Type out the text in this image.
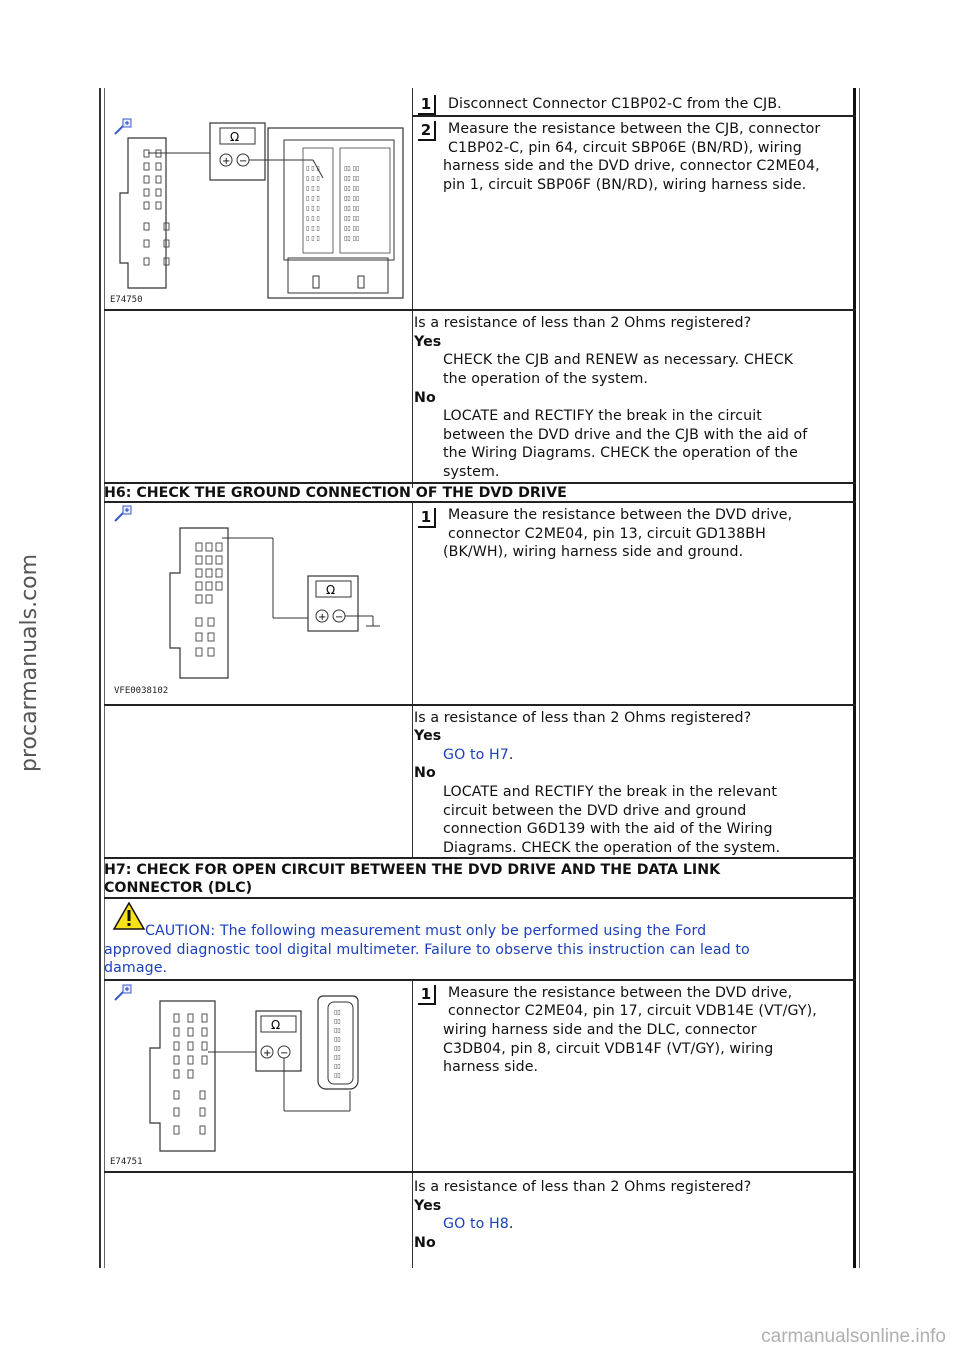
procarmanuals.com
1	Disconnect Connector C1BP02-C from the CJB.
Ω
+ −
▯ ▯ ▯
▯ ▯ ▯
▯ ▯ ▯
▯ ▯ ▯
▯ ▯ ▯
▯ ▯ ▯
▯ ▯ ▯
▯ ▯ ▯
▯▯ ▯▯
▯▯ ▯▯
▯▯ ▯▯
▯▯ ▯▯
▯▯ ▯▯
▯▯ ▯▯
▯▯ ▯▯
▯▯ ▯▯
E74750
2	Measure the resistance between the CJB, connector
C1BP02-C, pin 64, circuit SBP06E (BN/RD), wiring
harness side and the DVD drive, connector C2ME04,
pin 1, circuit SBP06F (BN/RD), wiring harness side.
Is a resistance of less than 2 Ohms registered?
Yes
CHECK the CJB and RENEW as necessary. CHECK
the operation of the system.
No
LOCATE and RECTIFY the break in the circuit
between the DVD drive and the CJB with the aid of
the Wiring Diagrams. CHECK the operation of the
system.
H6: CHECK THE GROUND CONNECTION OF THE DVD DRIVE
Ω
+ −
VFE0038102
1	Measure the resistance between the DVD drive,
connector C2ME04, pin 13, circuit GD138BH
(BK/WH), wiring harness side and ground.
Is a resistance of less than 2 Ohms registered?
Yes
GO to H7.
No
LOCATE and RECTIFY the break in the relevant
circuit between the DVD drive and ground
connection G6D139 with the aid of the Wiring
Diagrams. CHECK the operation of the system.
H7: CHECK FOR OPEN CIRCUIT BETWEEN THE DVD DRIVE AND THE DATA LINK
CONNECTOR (DLC)
CAUTION: The following measurement must only be performed using the Ford
approved diagnostic tool digital multimeter. Failure to observe this instruction can lead to
damage.
Ω
+ −
▯▯
▯▯
▯▯
▯▯
▯▯
▯▯
▯▯
▯▯
E74751
1	Measure the resistance between the DVD drive,
connector C2ME04, pin 17, circuit VDB14E (VT/GY),
wiring harness side and the DLC, connector
C3DB04, pin 8, circuit VDB14F (VT/GY), wiring
harness side.
Is a resistance of less than 2 Ohms registered?
Yes
GO to H8.
No
carmanualsonline.info
